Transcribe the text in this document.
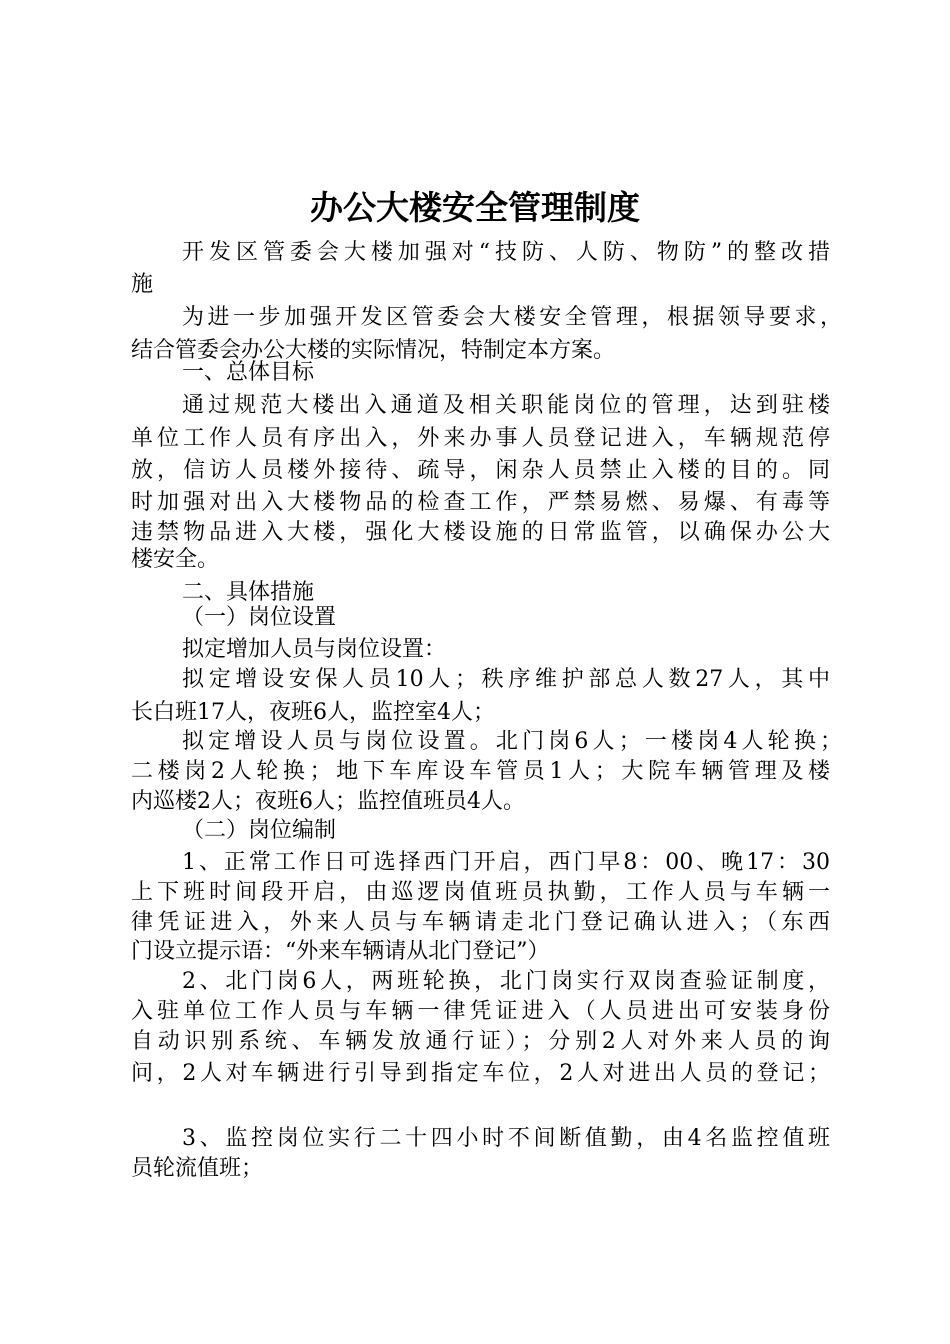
办公大楼安全管理制度
开发区管委会大楼加强对“技防、人防、物防”的整改措
施
为进一步加强开发区管委会大楼安全管理，根据领导要求，
结合管委会办公大楼的实际情况，特制定本方案。
一、总体目标
通过规范大楼出入通道及相关职能岗位的管理，达到驻楼
单位工作人员有序出入，外来办事人员登记进入，车辆规范停
放，信访人员楼外接待、疏导，闲杂人员禁止入楼的目的。同
时加强对出入大楼物品的检查工作，严禁易燃、易爆、有毒等
违禁物品进入大楼，强化大楼设施的日常监管，以确保办公大
楼安全。
二、具体措施
（一）岗位设置
拟定增加人员与岗位设置：
拟定增设安保人员10人；秩序维护部总人数27人，其中
长白班17人，夜班6人，监控室4人；
拟定增设人员与岗位设置。北门岗6人；一楼岗4人轮换；
二楼岗2人轮换；地下车库设车管员1人；大院车辆管理及楼
内巡楼2人；夜班6人；监控值班员4人。
（二）岗位编制
1、正常工作日可选择西门开启，西门早8：00、晚17：30
上下班时间段开启，由巡逻岗值班员执勤，工作人员与车辆一
律凭证进入，外来人员与车辆请走北门登记确认进入；（东西
门设立提示语：“外来车辆请从北门登记”）
2、北门岗6人，两班轮换，北门岗实行双岗查验证制度，
入驻单位工作人员与车辆一律凭证进入（人员进出可安装身份
自动识别系统、车辆发放通行证）；分别2人对外来人员的询
问，2人对车辆进行引导到指定车位，2人对进出人员的登记；
3、监控岗位实行二十四小时不间断值勤，由4名监控值班
员轮流值班；
